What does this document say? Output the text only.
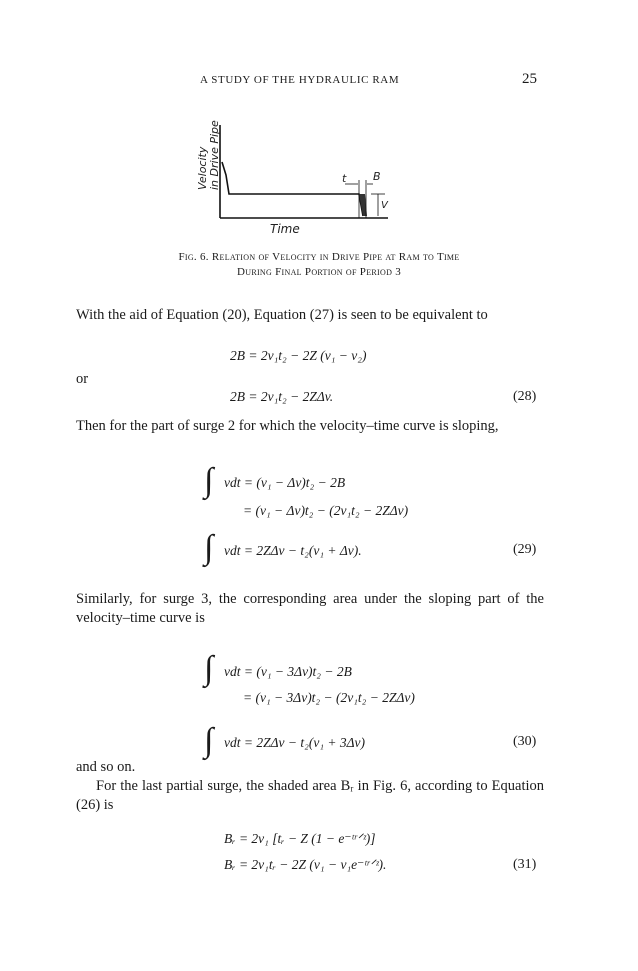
A STUDY OF THE HYDRAULIC RAM	25
Velocity in Drive Pipe	t B
V
Time
Fig. 6. Relation of Velocity in Drive Pipe at Ram to Time
During Final Portion of Period 3
With the aid of Equation (20), Equation (27) is seen to be equivalent to
2B = 2v₁t₂ − 2Z (v₁ − v₂)
or
2B = 2v₁t₂ − 2ZΔv.	(28)
Then for the part of surge 2 for which the velocity–time curve is sloping,
∫ vdt = (v₁ − Δv)t₂ − 2B
= (v₁ − Δv)t₂ − (2v₁t₂ − 2ZΔv)
∫ vdt = 2ZΔv − t₂(v₁ + Δv).	(29)
Similarly, for surge 3, the corresponding area under the sloping part of the velocity–time curve is
∫ vdt = (v₁ − 3Δv)t₂ − 2B
= (v₁ − 3Δv)t₂ − (2v₁t₂ − 2ZΔv)
∫ vdt = 2ZΔv − t₂(v₁ + 3Δv)	(30)
and so on.
For the last partial surge, the shaded area Bᵣ in Fig. 6, according to Equation (26) is
Bᵣ = 2v₁ [tᵣ − Z (1 − e⁻ᵗʳᐟᶻ)]
Bᵣ = 2v₁tᵣ − 2Z (v₁ − v₁e⁻ᵗʳᐟᶻ).	(31)
